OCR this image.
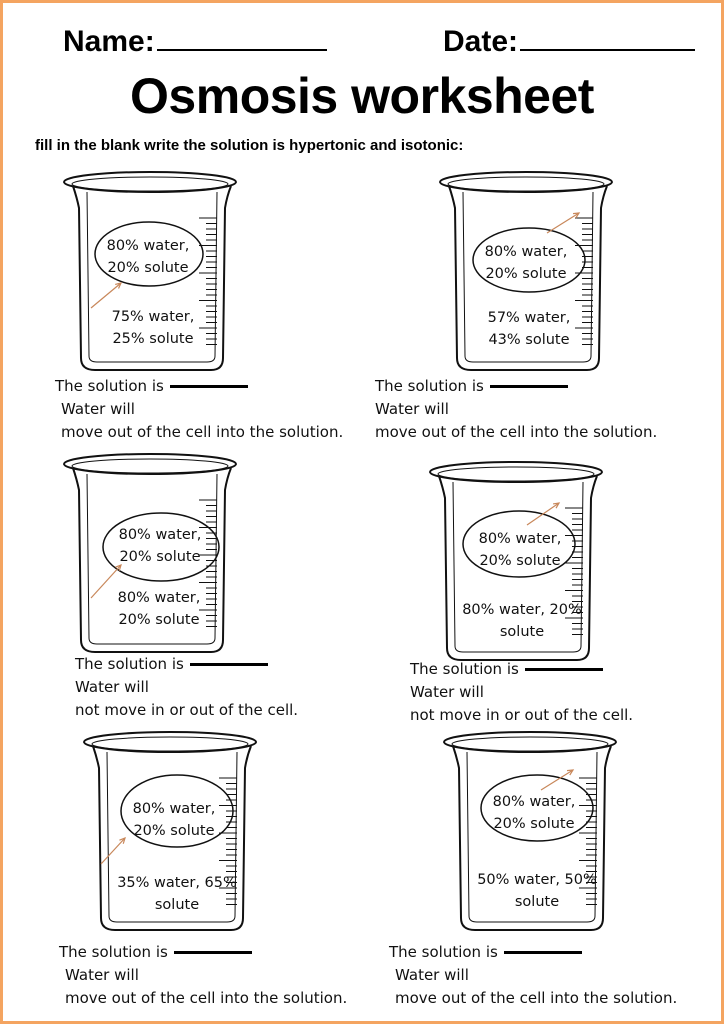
Name:	Date:
Osmosis worksheet
fill in the blank write the solution is hypertonic and isotonic:
80% water,
20% solute
75% water,
25% solute
The solution is
Water will
move out of the cell into the solution.
80% water,
20% solute
57% water,
43% solute
The solution is
Water will
move out of the cell into the solution.
80% water,
20% solute
80% water,
20% solute
The solution is
Water will
not move in or out of the cell.
80% water,
20% solute
80% water, 20%
solute
The solution is
Water will
not move in or out of the cell.
80% water,
20% solute
35% water, 65%
solute
The solution is
Water will
move out of the cell into the solution.
80% water,
20% solute
50% water, 50%
solute
The solution is
Water will
move out of the cell into the solution.
